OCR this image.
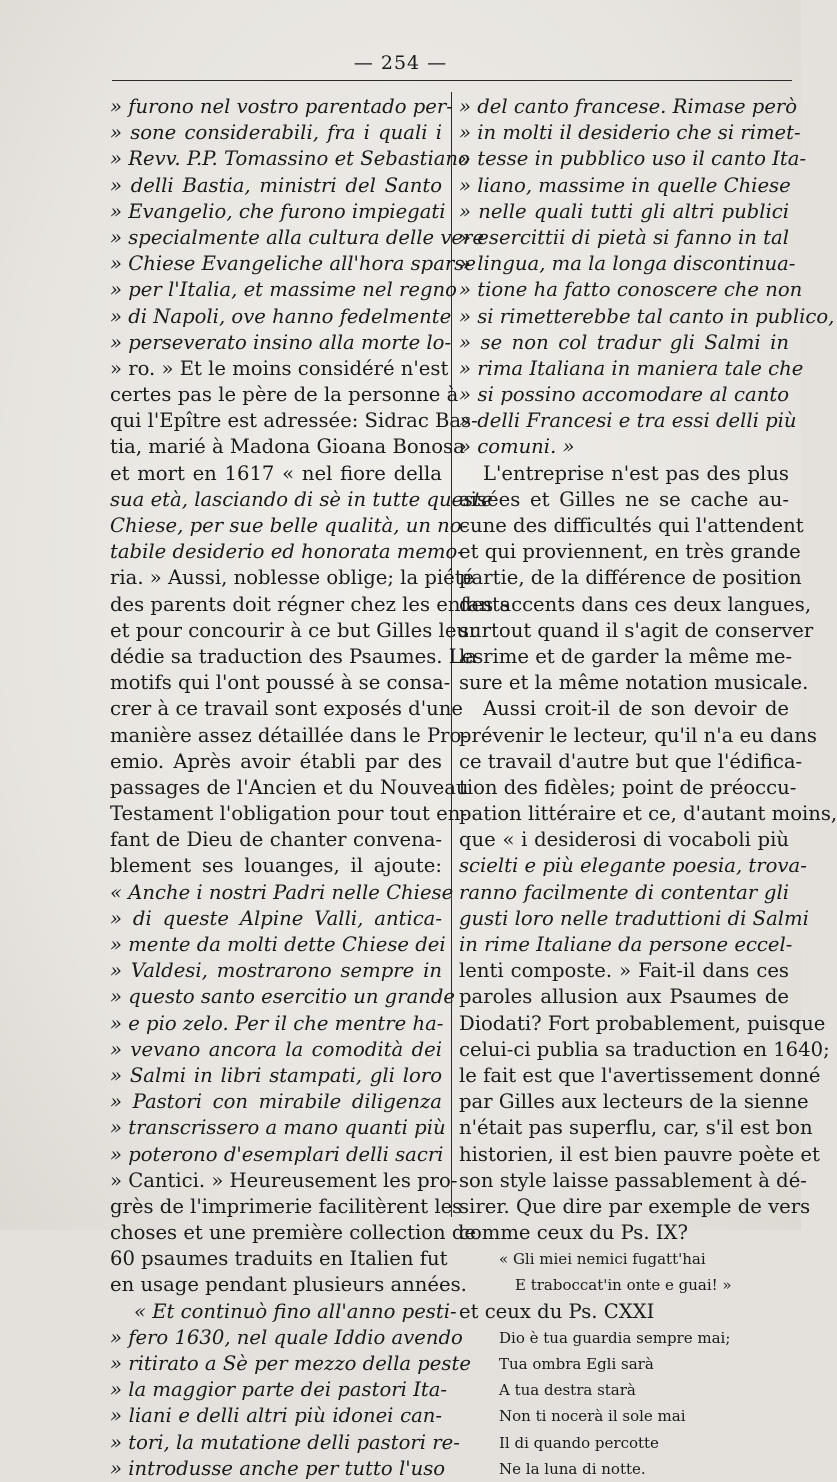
— 254 —
» furono nel vostro parentado per-
» sone considerabili, fra i quali i
» Revv. P.P. Tomassino et Sebastiano
» delli Bastia, ministri del Santo
» Evangelio, che furono impiegati
» specialmente alla cultura delle vere
» Chiese Evangeliche all'hora sparse
» per l'Italia, et massime nel regno
» di Napoli, ove hanno fedelmente
» perseverato insino alla morte lo-
» ro. » Et le moins considéré n'est
certes pas le père de la personne à
qui l'Epître est adressée: Sidrac Bas-
tia, marié à Madona Gioana Bonosa
et mort en 1617 « nel fiore della
sua età, lasciando di sè in tutte queste
Chiese, per sue belle qualità, un no-
tabile desiderio ed honorata memo-
ria. » Aussi, noblesse oblige; la piété
des parents doit régner chez les enfants
et pour concourir à ce but Gilles leur
dédie sa traduction des Psaumes. Les
motifs qui l'ont poussé à se consa-
crer à ce travail sont exposés d'une
manière assez détaillée dans le Pro-
emio. Après avoir établi par des
passages de l'Ancien et du Nouveau
Testament l'obligation pour tout en-
fant de Dieu de chanter convena-
blement ses louanges, il ajoute:
« Anche i nostri Padri nelle Chiese
» di queste Alpine Valli, antica-
» mente da molti dette Chiese dei
» Valdesi, mostrarono sempre in
» questo santo esercitio un grande
» e pio zelo. Per il che mentre ha-
» vevano ancora la comodità dei
» Salmi in libri stampati, gli loro
» Pastori con mirabile diligenza
» transcrissero a mano quanti più
» poterono d'esemplari delli sacri
» Cantici. » Heureusement les pro-
grès de l'imprimerie facilitèrent les
choses et une première collection de
60 psaumes traduits en Italien fut
en usage pendant plusieurs années.
« Et continuò fino all'anno pesti-
» fero 1630, nel quale Iddio avendo
» ritirato a Sè per mezzo della peste
» la maggior parte dei pastori Ita-
» liani e delli altri più idonei can-
» tori, la mutatione delli pastori re-
» introdusse anche per tutto l'uso
» del canto francese. Rimase però
» in molti il desiderio che si rimet-
» tesse in pubblico uso il canto Ita-
» liano, massime in quelle Chiese
» nelle quali tutti gli altri publici
» esercittii di pietà si fanno in tal
» lingua, ma la longa discontinua-
» tione ha fatto conoscere che non
» si rimetterebbe tal canto in publico,
» se non col tradur gli Salmi in
» rima Italiana in maniera tale che
» si possino accomodare al canto
» delli Francesi e tra essi delli più
» comuni. »
L'entreprise n'est pas des plus
aisées et Gilles ne se cache au-
cune des difficultés qui l'attendent
et qui proviennent, en très grande
partie, de la différence de position
des accents dans ces deux langues,
surtout quand il s'agit de conserver
la rime et de garder la même me-
sure et la même notation musicale.
Aussi croit-il de son devoir de
prévenir le lecteur, qu'il n'a eu dans
ce travail d'autre but que l'édifica-
tion des fidèles; point de préoccu-
pation littéraire et ce, d'autant moins,
que « i desiderosi di vocaboli più
scielti e più elegante poesia, trova-
ranno facilmente di contentar gli
gusti loro nelle traduttioni di Salmi
in rime Italiane da persone eccel-
lenti composte. » Fait-il dans ces
paroles allusion aux Psaumes de
Diodati? Fort probablement, puisque
celui-ci publia sa traduction en 1640;
le fait est que l'avertissement donné
par Gilles aux lecteurs de la sienne
n'était pas superflu, car, s'il est bon
historien, il est bien pauvre poète et
son style laisse passablement à dé-
sirer. Que dire par exemple de vers
comme ceux du Ps. IX?
« Gli miei nemici fugatt'hai
E traboccat'in onte e guai! »
et ceux du Ps. CXXI
Dio è tua guardia sempre mai;
Tua ombra Egli sarà
A tua destra starà
Non ti nocerà il sole mai
Il di quando percotte
Ne la luna di notte.
